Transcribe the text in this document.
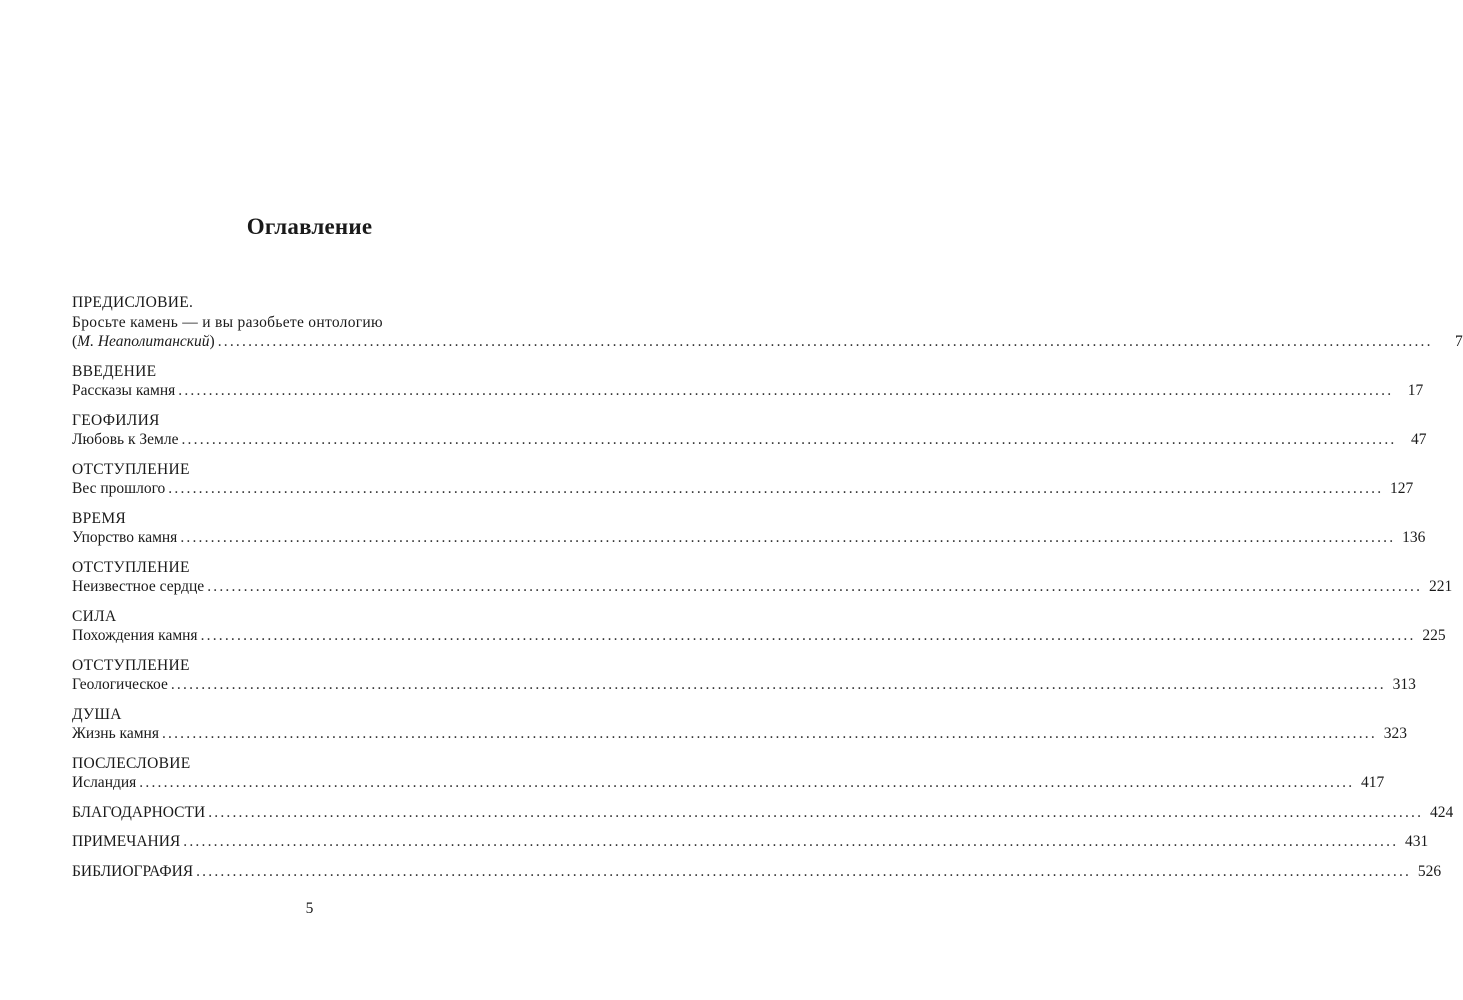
Оглавление
ПРЕДИСЛОВИЕ.
Бросьте камень — и вы разобьете онтологию
(М. Неаполитанский) ........................................................................................................................................................................................................	7
ВВЕДЕНИЕ
Рассказы камня ........................................................................................................................................................................................................ 17
ГЕОФИЛИЯ
Любовь к Земле ........................................................................................................................................................................................................ 47
ОТСТУПЛЕНИЕ
Вес прошлого ........................................................................................................................................................................................................ 127
ВРЕМЯ
Упорство камня ........................................................................................................................................................................................................ 136
ОТСТУПЛЕНИЕ
Неизвестное сердце ........................................................................................................................................................................................................ 221
СИЛА
Похождения камня ........................................................................................................................................................................................................ 225
ОТСТУПЛЕНИЕ
Геологическое ........................................................................................................................................................................................................ 313
ДУША
Жизнь камня ........................................................................................................................................................................................................ 323
ПОСЛЕСЛОВИЕ
Исландия ........................................................................................................................................................................................................ 417
БЛАГОДАРНОСТИ ........................................................................................................................................................................................................ 424
ПРИМЕЧАНИЯ ........................................................................................................................................................................................................ 431
БИБЛИОГРАФИЯ ........................................................................................................................................................................................................ 526
5
